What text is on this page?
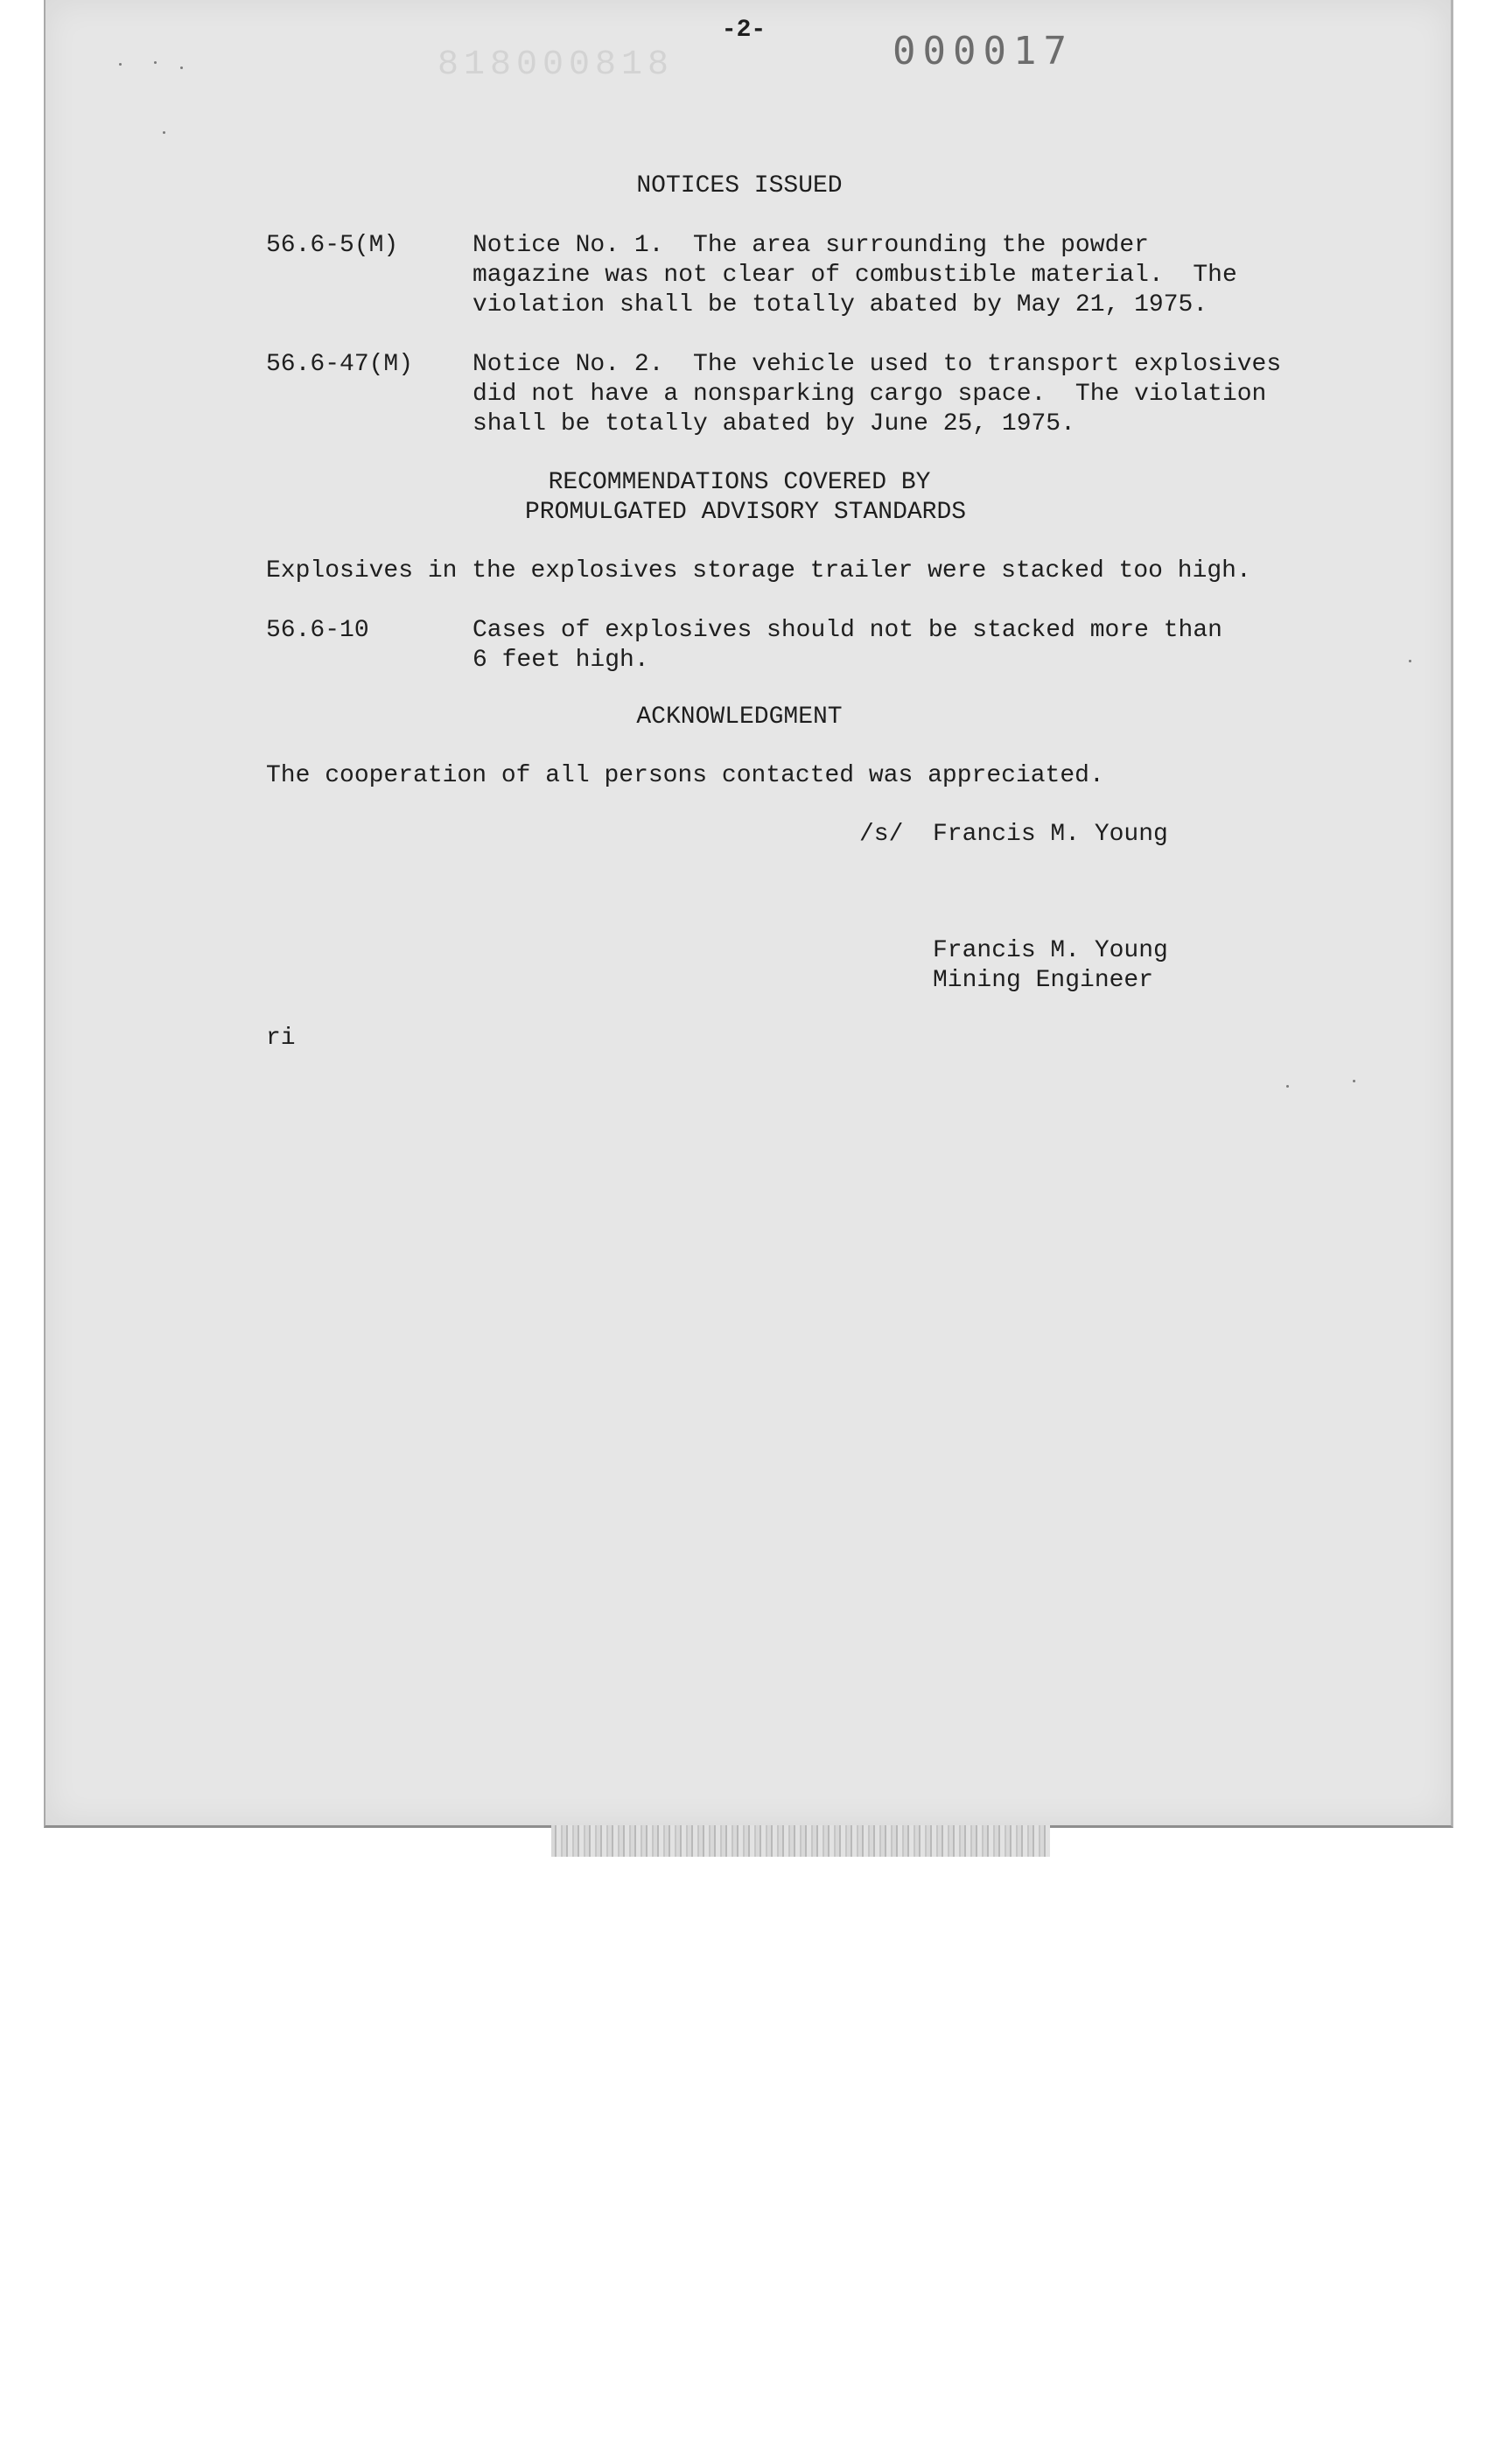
-2-
818000818	000017
NOTICES ISSUED
56.6-5(M)	Notice No. 1.  The area surrounding the powder
magazine was not clear of combustible material.  The
violation shall be totally abated by May 21, 1975.
56.6-47(M) Notice No. 2.  The vehicle used to transport explosives
did not have a nonsparking cargo space.  The violation
shall be totally abated by June 25, 1975.
RECOMMENDATIONS COVERED BY
PROMULGATED ADVISORY STANDARDS
Explosives in the explosives storage trailer were stacked too high.
56.6-10	Cases of explosives should not be stacked more than
6 feet high.
ACKNOWLEDGMENT
The cooperation of all persons contacted was appreciated.
/s/ Francis M. Young
Francis M. Young
Mining Engineer
ri
